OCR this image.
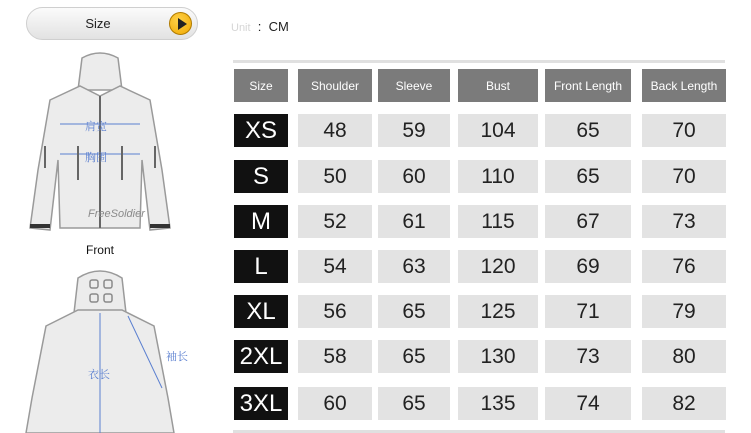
Size	Unit : CM
肩宽
胸围
FreeSoldier
Front
衣长
袖长
Size	Shoulder	Sleeve	Bust	Front Length	Back Length
XS	48	59	104	65	70
S	50	60	110	65	70
M	52	61	115	67	73
L	54	63	120	69	76
XL	56	65	125	71	79
2XL	58	65	130	73	80
3XL	60	65	135	74	82
